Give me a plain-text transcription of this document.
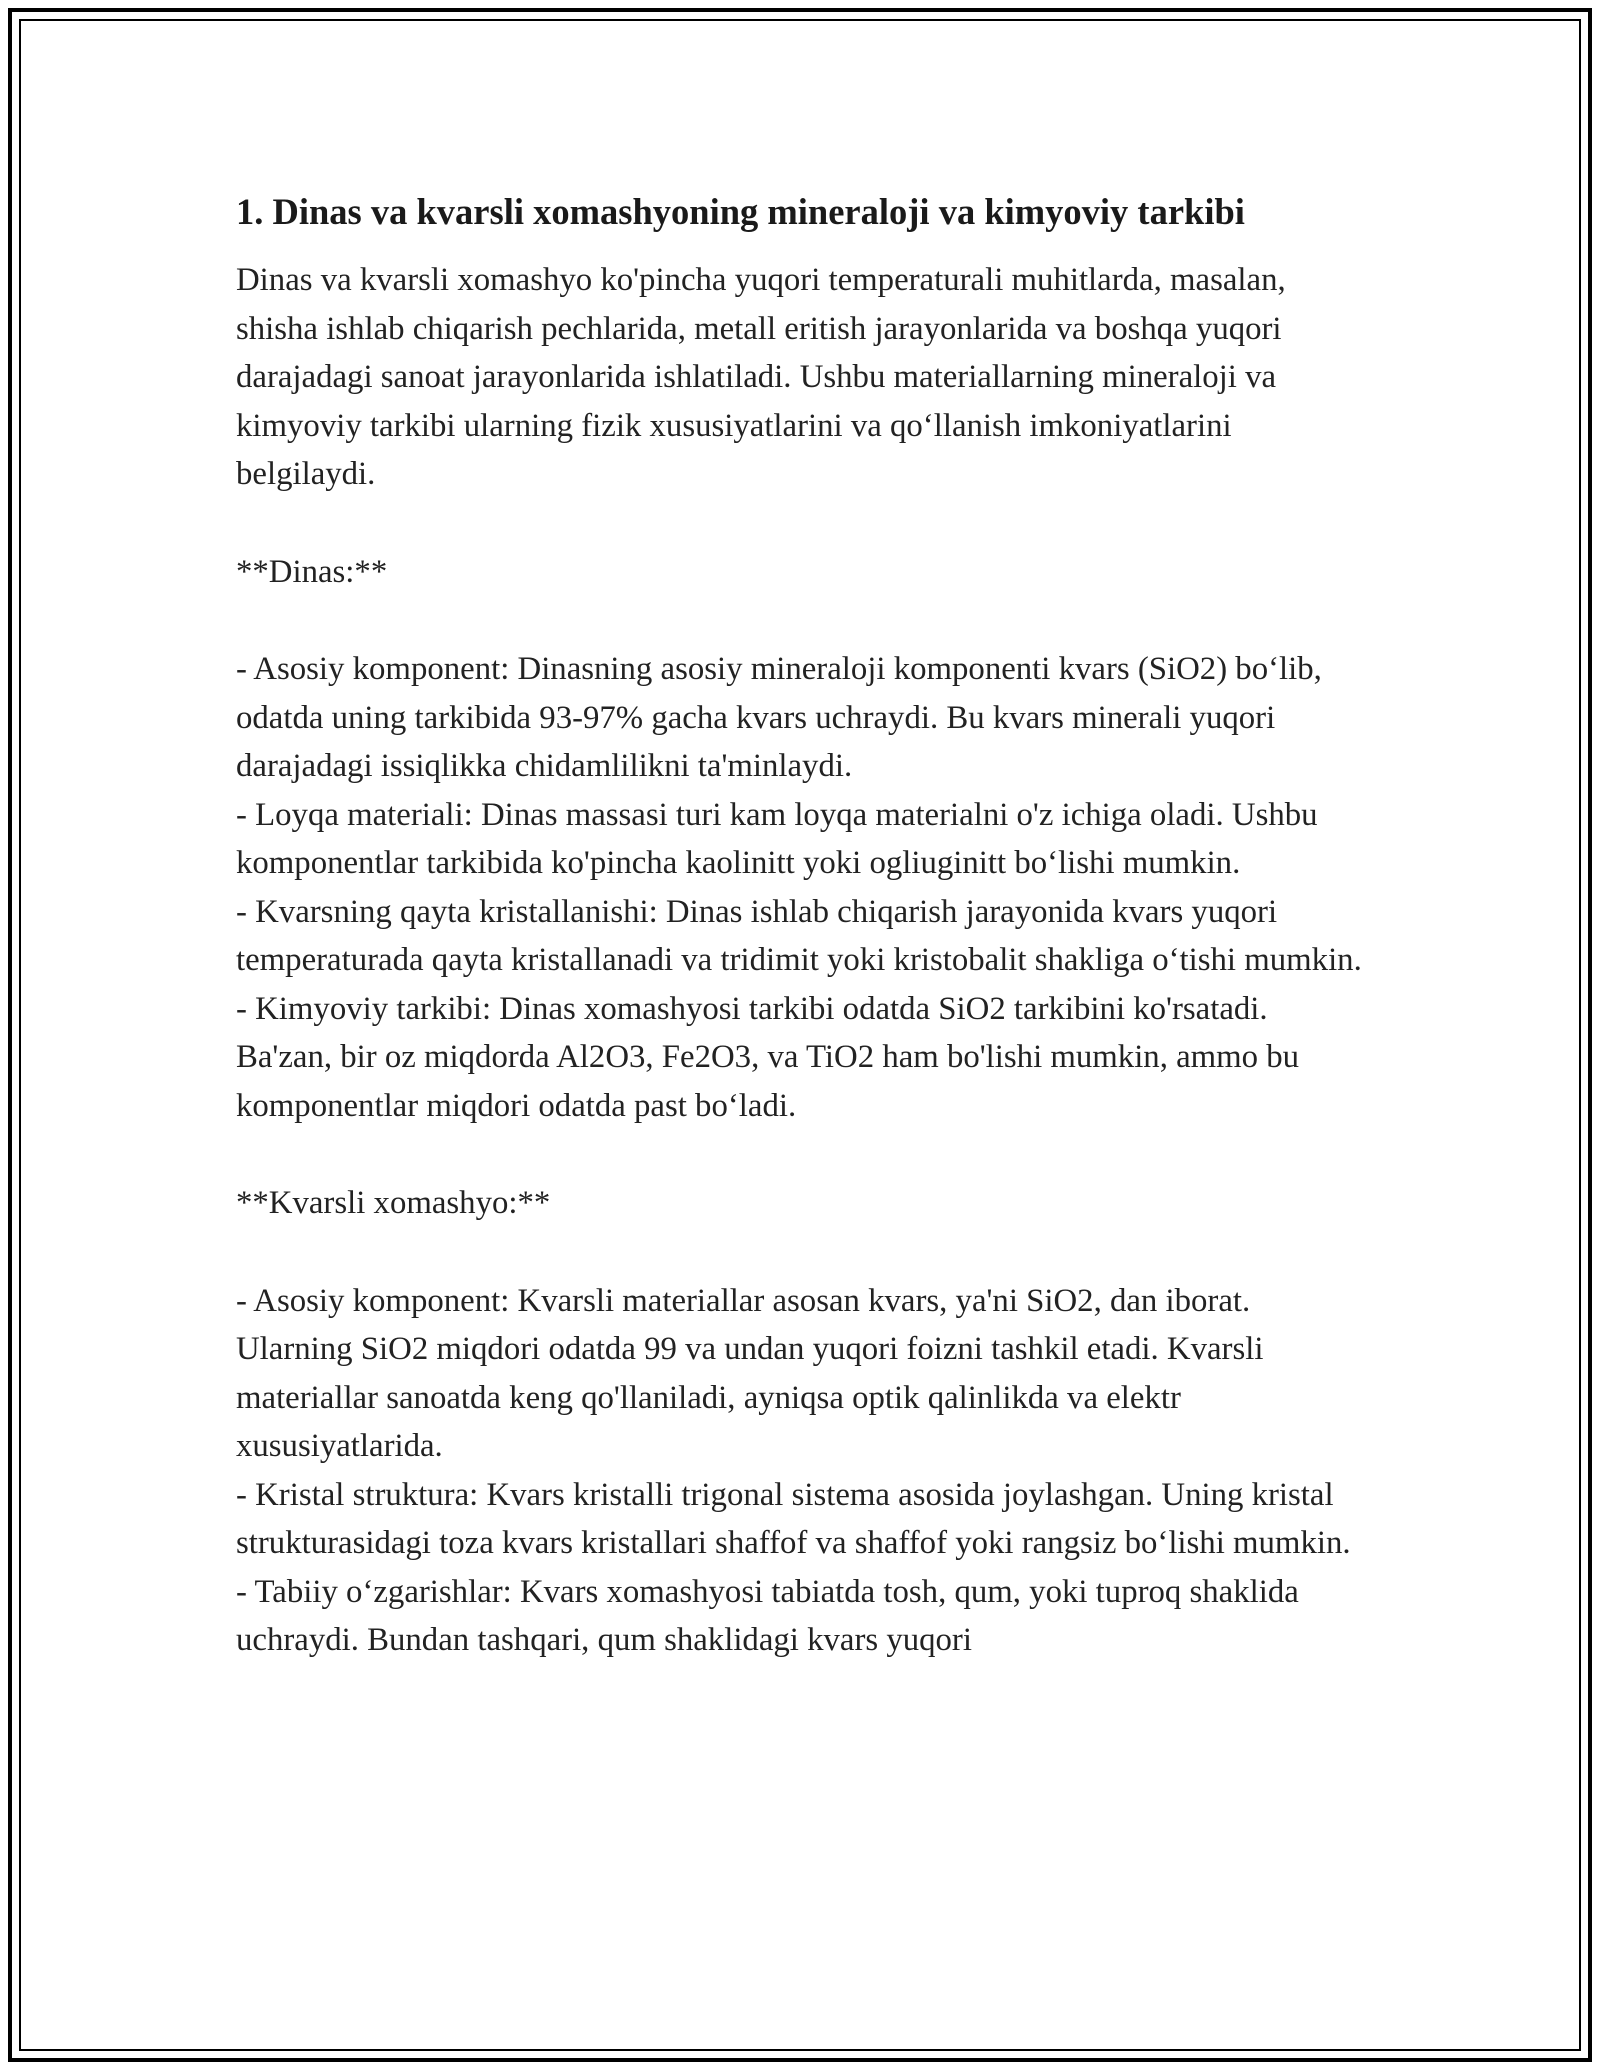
1. Dinas va kvarsli xomashyoning mineraloji va kimyoviy tarkibi

Dinas va kvarsli xomashyo ko'pincha yuqori temperaturali muhitlarda, masalan, shisha ishlab chiqarish pechlarida, metall eritish jarayonlarida va boshqa yuqori darajadagi sanoat jarayonlarida ishlatiladi. Ushbu materiallarning mineraloji va kimyoviy tarkibi ularning fizik xususiyatlarini va qo‘llanish imkoniyatlarini belgilaydi.

**Dinas:**

- Asosiy komponent: Dinasning asosiy mineraloji komponenti kvars (SiO2) bo‘lib, odatda uning tarkibida 93-97% gacha kvars uchraydi. Bu kvars minerali yuqori darajadagi issiqlikka chidamlilikni ta'minlaydi.
- Loyqa materiali: Dinas massasi turi kam loyqa materialni o'z ichiga oladi. Ushbu komponentlar tarkibida ko'pincha kaolinitt yoki ogliuginitt bo‘lishi mumkin.
- Kvarsning qayta kristallanishi: Dinas ishlab chiqarish jarayonida kvars yuqori temperaturada qayta kristallanadi va tridimit yoki kristobalit shakliga o‘tishi mumkin.
- Kimyoviy tarkibi: Dinas xomashyosi tarkibi odatda SiO2 tarkibini ko'rsatadi. Ba'zan, bir oz miqdorda Al2O3, Fe2O3, va TiO2 ham bo'lishi mumkin, ammo bu komponentlar miqdori odatda past bo‘ladi.

**Kvarsli xomashyo:**

- Asosiy komponent: Kvarsli materiallar asosan kvars, ya'ni SiO2, dan iborat. Ularning SiO2 miqdori odatda 99 va undan yuqori foizni tashkil etadi. Kvarsli materiallar sanoatda keng qo'llaniladi, ayniqsa optik qalinlikda va elektr xususiyatlarida.
- Kristal struktura: Kvars kristalli trigonal sistema asosida joylashgan. Uning kristal strukturasidagi toza kvars kristallari shaffof va shaffof yoki rangsiz bo‘lishi mumkin.
- Tabiiy o‘zgarishlar: Kvars xomashyosi tabiatda tosh, qum, yoki tuproq shaklida uchraydi. Bundan tashqari, qum shaklidagi kvars yuqori
